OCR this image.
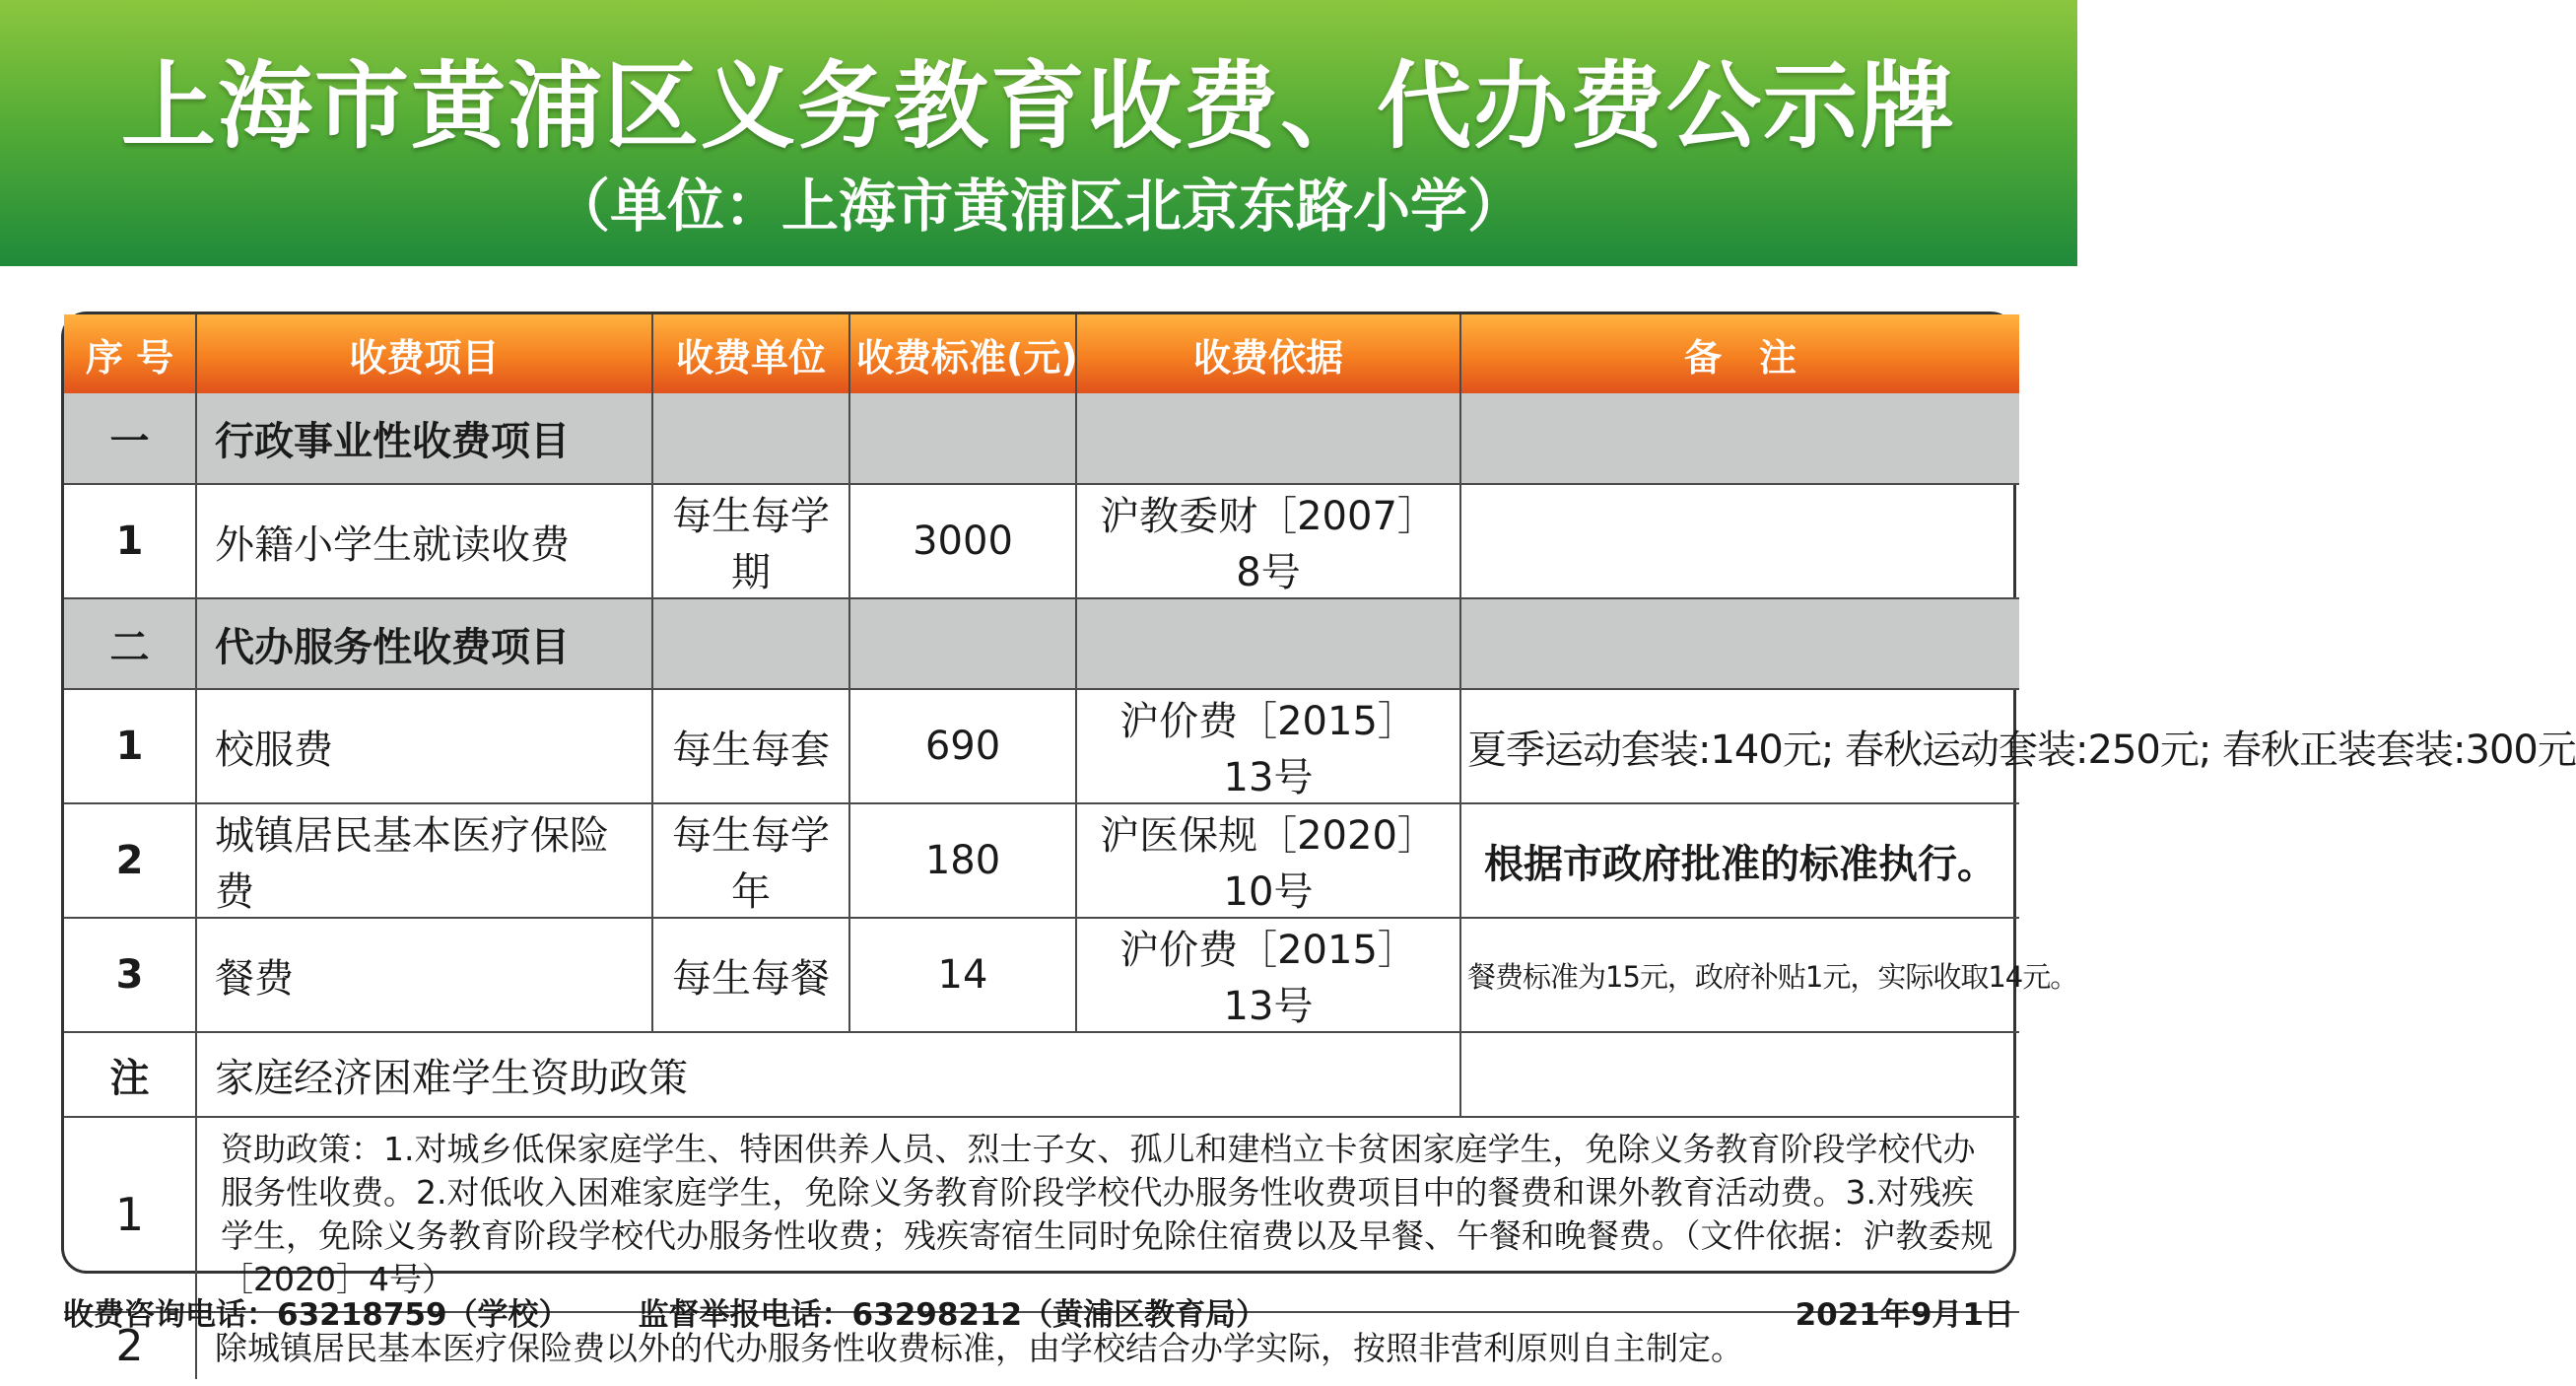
上海市黄浦区义务教育收费、代办费公示牌
（单位：上海市黄浦区北京东路小学）
序 号	收费项目	收费单位	收费标准(元)	收费依据	备　注
一	行政事业性收费项目				
1	外籍小学生就读收费	每生每学期	3000	沪教委财［2007］8号	
二	代办服务性收费项目				
1	校服费	每生每套	690	沪价费［2015］13号	夏季运动套装:140元; 春秋运动套装:250元; 春秋正装套装:300元
2	城镇居民基本医疗保险费	每生每学年	180	沪医保规［2020］10号	根据市政府批准的标准执行。
3	餐费	每生每餐	14	沪价费［2015］13号	餐费标准为15元，政府补贴1元，实际收取14元。
注	家庭经济困难学生资助政策				
1	资助政策：1.对城乡低保家庭学生、特困供养人员、烈士子女、孤儿和建档立卡贫困家庭学生，免除义务教育阶段学校代办服务性收费。2.对低收入困难家庭学生，免除义务教育阶段学校代办服务性收费项目中的餐费和课外教育活动费。3.对残疾学生，免除义务教育阶段学校代办服务性收费；残疾寄宿生同时免除住宿费以及早餐、午餐和晚餐费。（文件依据：沪教委规［2020］4号）				
2	除城镇居民基本医疗保险费以外的代办服务性收费标准，由学校结合办学实际，按照非营利原则自主制定。				
收费咨询电话：63218759（学校） 监督举报电话：63298212（黄浦区教育局）	2021年9月1日
